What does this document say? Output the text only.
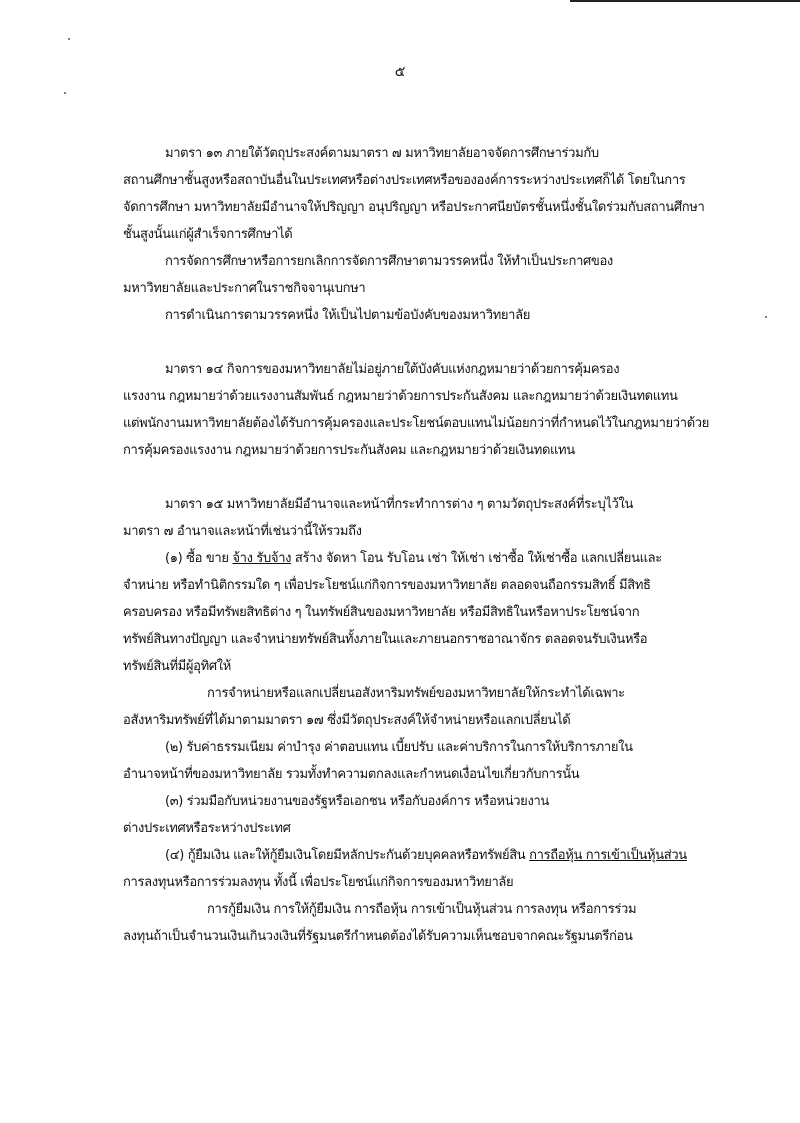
๕
มาตรา ๑๓ ภายใต้วัตถุประสงค์ตามมาตรา ๗ มหาวิทยาลัยอาจจัดการศึกษาร่วมกับ
สถานศึกษาชั้นสูงหรือสถาบันอื่นในประเทศหรือต่างประเทศหรือขององค์การระหว่างประเทศก็ได้ โดยในการ
จัดการศึกษา มหาวิทยาลัยมีอำนาจให้ปริญญา อนุปริญญา หรือประกาศนียบัตรชั้นหนึ่งชั้นใดร่วมกับสถานศึกษา
ชั้นสูงนั้นแก่ผู้สำเร็จการศึกษาได้
การจัดการศึกษาหรือการยกเลิกการจัดการศึกษาตามวรรคหนึ่ง ให้ทำเป็นประกาศของ
มหาวิทยาลัยและประกาศในราชกิจจานุเบกษา
การดำเนินการตามวรรคหนึ่ง ให้เป็นไปตามข้อบังคับของมหาวิทยาลัย
มาตรา ๑๔ กิจการของมหาวิทยาลัยไม่อยู่ภายใต้บังคับแห่งกฎหมายว่าด้วยการคุ้มครอง
แรงงาน กฎหมายว่าด้วยแรงงานสัมพันธ์ กฎหมายว่าด้วยการประกันสังคม และกฎหมายว่าด้วยเงินทดแทน
แต่พนักงานมหาวิทยาลัยต้องได้รับการคุ้มครองและประโยชน์ตอบแทนไม่น้อยกว่าที่กำหนดไว้ในกฎหมายว่าด้วย
การคุ้มครองแรงงาน กฎหมายว่าด้วยการประกันสังคม และกฎหมายว่าด้วยเงินทดแทน
มาตรา ๑๕ มหาวิทยาลัยมีอำนาจและหน้าที่กระทำการต่าง ๆ ตามวัตถุประสงค์ที่ระบุไว้ใน
มาตรา ๗ อำนาจและหน้าที่เช่นว่านี้ให้รวมถึง
(๑) ซื้อ ขาย จ้าง รับจ้าง สร้าง จัดหา โอน รับโอน เช่า ให้เช่า เช่าซื้อ ให้เช่าซื้อ แลกเปลี่ยนและ
จำหน่าย หรือทำนิติกรรมใด ๆ เพื่อประโยชน์แก่กิจการของมหาวิทยาลัย ตลอดจนถือกรรมสิทธิ์ มีสิทธิ
ครอบครอง หรือมีทรัพยสิทธิต่าง ๆ ในทรัพย์สินของมหาวิทยาลัย หรือมีสิทธิในหรือหาประโยชน์จาก
ทรัพย์สินทางปัญญา และจำหน่ายทรัพย์สินทั้งภายในและภายนอกราชอาณาจักร ตลอดจนรับเงินหรือ
ทรัพย์สินที่มีผู้อุทิศให้
การจำหน่ายหรือแลกเปลี่ยนอสังหาริมทรัพย์ของมหาวิทยาลัยให้กระทำได้เฉพาะ
อสังหาริมทรัพย์ที่ได้มาตามมาตรา ๑๗ ซึ่งมีวัตถุประสงค์ให้จำหน่ายหรือแลกเปลี่ยนได้
(๒) รับค่าธรรมเนียม ค่าบำรุง ค่าตอบแทน เบี้ยปรับ และค่าบริการในการให้บริการภายใน
อำนาจหน้าที่ของมหาวิทยาลัย รวมทั้งทำความตกลงและกำหนดเงื่อนไขเกี่ยวกับการนั้น
(๓) ร่วมมือกับหน่วยงานของรัฐหรือเอกชน หรือกับองค์การ หรือหน่วยงาน
ต่างประเทศหรือระหว่างประเทศ
(๔) กู้ยืมเงิน และให้กู้ยืมเงินโดยมีหลักประกันด้วยบุคคลหรือทรัพย์สิน การถือหุ้น การเข้าเป็นหุ้นส่วน
การลงทุนหรือการร่วมลงทุน ทั้งนี้ เพื่อประโยชน์แก่กิจการของมหาวิทยาลัย
การกู้ยืมเงิน การให้กู้ยืมเงิน การถือหุ้น การเข้าเป็นหุ้นส่วน การลงทุน หรือการร่วม
ลงทุนถ้าเป็นจำนวนเงินเกินวงเงินที่รัฐมนตรีกำหนดต้องได้รับความเห็นชอบจากคณะรัฐมนตรีก่อน
